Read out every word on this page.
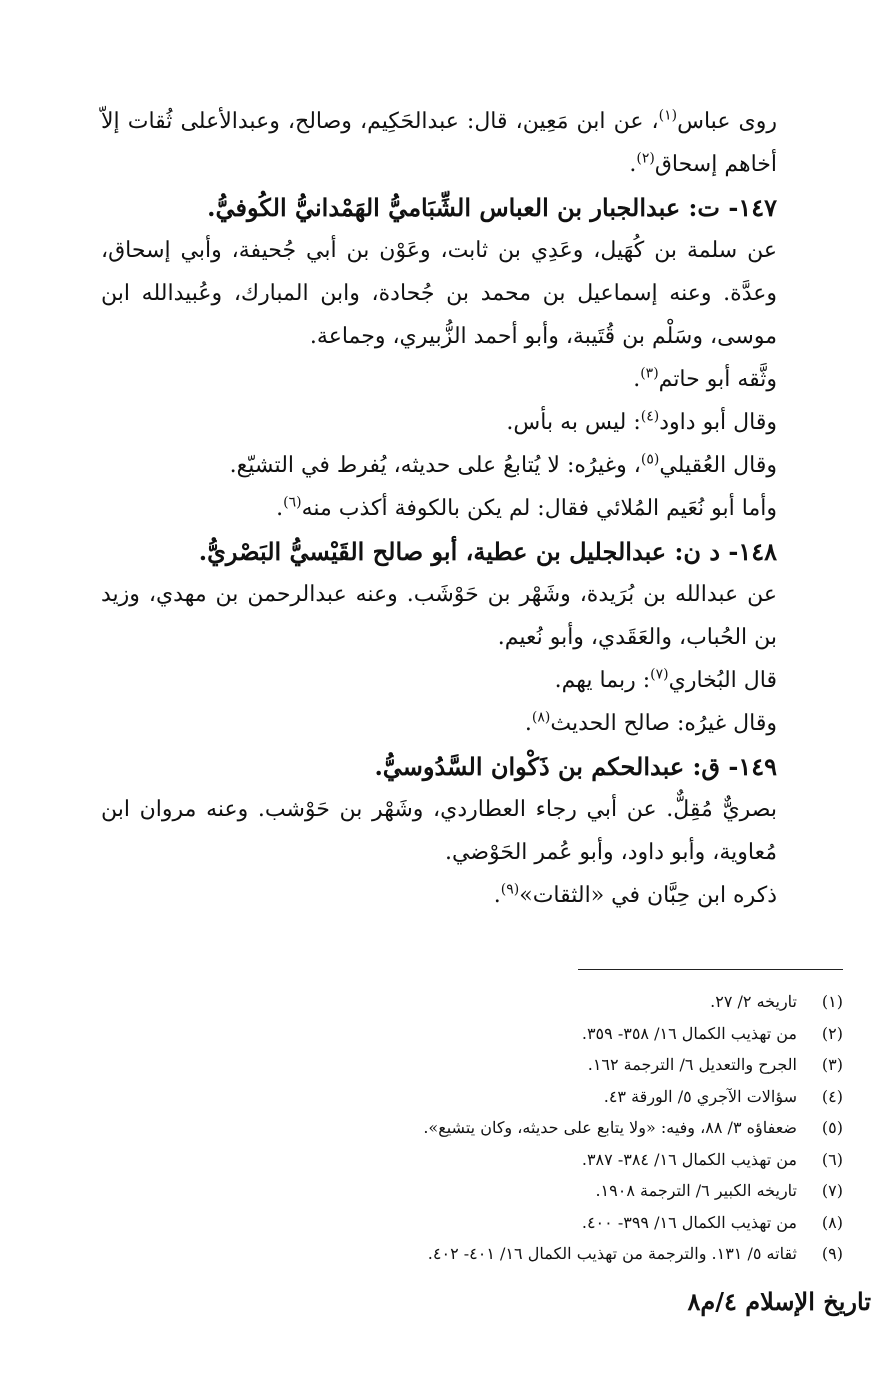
روى عباس$^{(١)}$، عن ابن مَعِين، قال: عبدالحَكِيم، وصالح، وعبدالأعلى ثُقات إلاّ أخاهم إسحاق$^{(٢)}$.

١٤٧- ت: عبدالجبار بن العباس الشِّبَاميُّ الهَمْدانيُّ الكُوفيُّ.

عن سلمة بن كُهَيل، وعَدِي بن ثابت، وعَوْن بن أبي جُحيفة، وأبي إسحاق، وعدَّة. وعنه إسماعيل بن محمد بن جُحادة، وابن المبارك، وعُبيدالله ابن موسى، وسَلْم بن قُتَيبة، وأبو أحمد الزُّبيري، وجماعة.

وثَّقه أبو حاتم$^{(٣)}$.

وقال أبو داود$^{(٤)}$: ليس به بأس.

وقال العُقيلي$^{(٥)}$، وغيرُه: لا يُتابعُ على حديثه، يُفرط في التشيّع.

وأما أبو نُعَيم المُلائي فقال: لم يكن بالكوفة أكذب منه$^{(٦)}$.

١٤٨- د ن: عبدالجليل بن عطية، أبو صالح القَيْسيُّ البَصْريُّ.

عن عبدالله بن بُرَيدة، وشَهْر بن حَوْشَب. وعنه عبدالرحمن بن مهدي، وزيد بن الحُباب، والعَقَدي، وأبو نُعيم.

قال البُخاري$^{(٧)}$: ربما يهم.

وقال غيرُه: صالح الحديث$^{(٨)}$.

١٤٩- ق: عبدالحكم بن ذَكْوان السَّدُوسيُّ.

بصريٌّ مُقِلٌّ. عن أبي رجاء العطاردي، وشَهْر بن حَوْشب. وعنه مروان ابن مُعاوية، وأبو داود، وأبو عُمر الحَوْضي.

ذكره ابن حِبَّان في «الثقات»$^{(٩)}$.

(١)
تاريخه ٢/ ٢٧.
(٢)
من تهذيب الكمال ١٦/ ٣٥٨- ٣٥٩.
(٣)
الجرح والتعديل ٦/ الترجمة ١٦٢.
(٤)
سؤالات الآجري ٥/ الورقة ٤٣.
(٥)
ضعفاؤه ٣/ ٨٨، وفيه: «ولا يتابع على حديثه، وكان يتشيع».
(٦)
من تهذيب الكمال ١٦/ ٣٨٤- ٣٨٧.
(٧)
تاريخه الكبير ٦/ الترجمة ١٩٠٨.
(٨)
من تهذيب الكمال ١٦/ ٣٩٩- ٤٠٠.
(٩)
ثقاته ٥/ ١٣١. والترجمة من تهذيب الكمال ١٦/ ٤٠١- ٤٠٢.
تاريخ الإسلام ٤/م٨
